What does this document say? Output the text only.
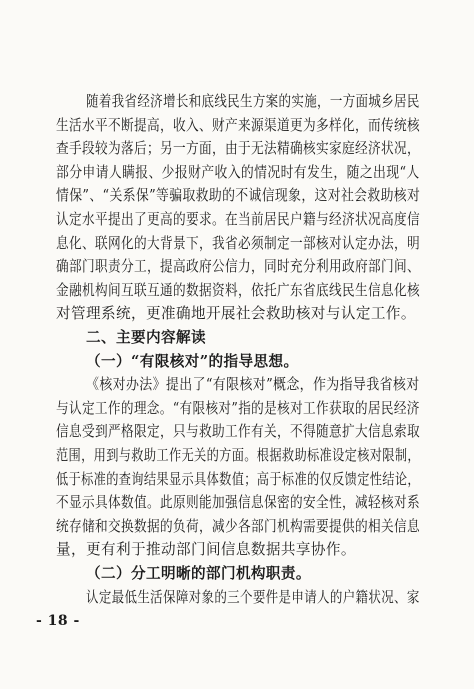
随着我省经济增长和底线民生方案的实施，一方面城乡居民
生活水平不断提高，收入、财产来源渠道更为多样化，而传统核
查手段较为落后；另一方面，由于无法精确核实家庭经济状况，
部分申请人瞒报、少报财产收入的情况时有发生，随之出现“人
情保”、“关系保”等骗取救助的不诚信现象，这对社会救助核对
认定水平提出了更高的要求。在当前居民户籍与经济状况高度信
息化、联网化的大背景下，我省必须制定一部核对认定办法，明
确部门职责分工，提高政府公信力，同时充分利用政府部门间、
金融机构间互联互通的数据资料，依托广东省底线民生信息化核
对管理系统，更准确地开展社会救助核对与认定工作。
二、主要内容解读
（一）“有限核对”的指导思想。
《核对办法》提出了“有限核对”概念，作为指导我省核对
与认定工作的理念。“有限核对”指的是核对工作获取的居民经济
信息受到严格限定，只与救助工作有关，不得随意扩大信息索取
范围，用到与救助工作无关的方面。根据救助标准设定核对限制，
低于标准的查询结果显示具体数值；高于标准的仅反馈定性结论，
不显示具体数值。此原则能加强信息保密的安全性，减轻核对系
统存储和交换数据的负荷，减少各部门机构需要提供的相关信息
量，更有利于推动部门间信息数据共享协作。
（二）分工明晰的部门机构职责。
认定最低生活保障对象的三个要件是申请人的户籍状况、家
- 18 -
